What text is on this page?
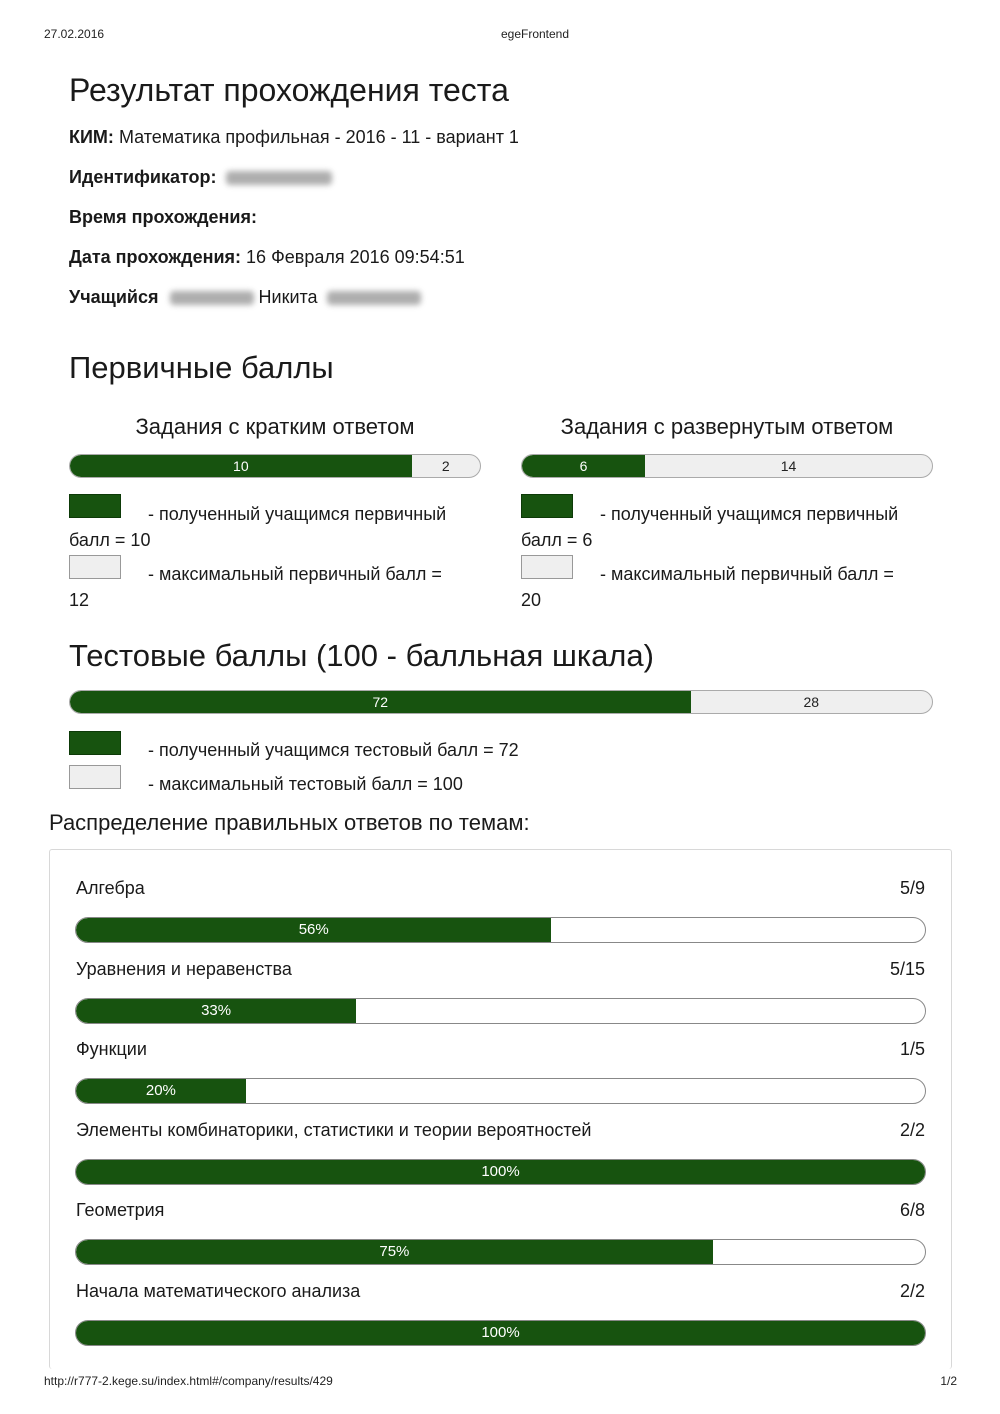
27.02.2016	egeFrontend
Результат прохождения теста
КИМ: Математика профильная - 2016 - 11 - вариант 1
Идентификатор:
Время прохождения:
Дата прохождения: 16 Февраля 2016 09:54:51
Учащийся	Никита
Первичные баллы
Задания с кратким ответом
10	2
- полученный учащимся первичный
балл = 10
- максимальный первичный балл =
12
Задания с развернутым ответом
6	14
- полученный учащимся первичный
балл = 6
- максимальный первичный балл =
20
Тестовые баллы (100 - балльная шкала)
72	28
- полученный учащимся тестовый балл = 72
- максимальный тестовый балл = 100
Распределение правильных ответов по темам:
Алгебра	5/9
56%
Уравнения и неравенства	5/15
33%
Функции	1/5
20%
Элементы комбинаторики, статистики и теории вероятностей	2/2
100%
Геометрия	6/8
75%
Начала математического анализа	2/2
100%
http://r777-2.kege.su/index.html#/company/results/429	1/2
